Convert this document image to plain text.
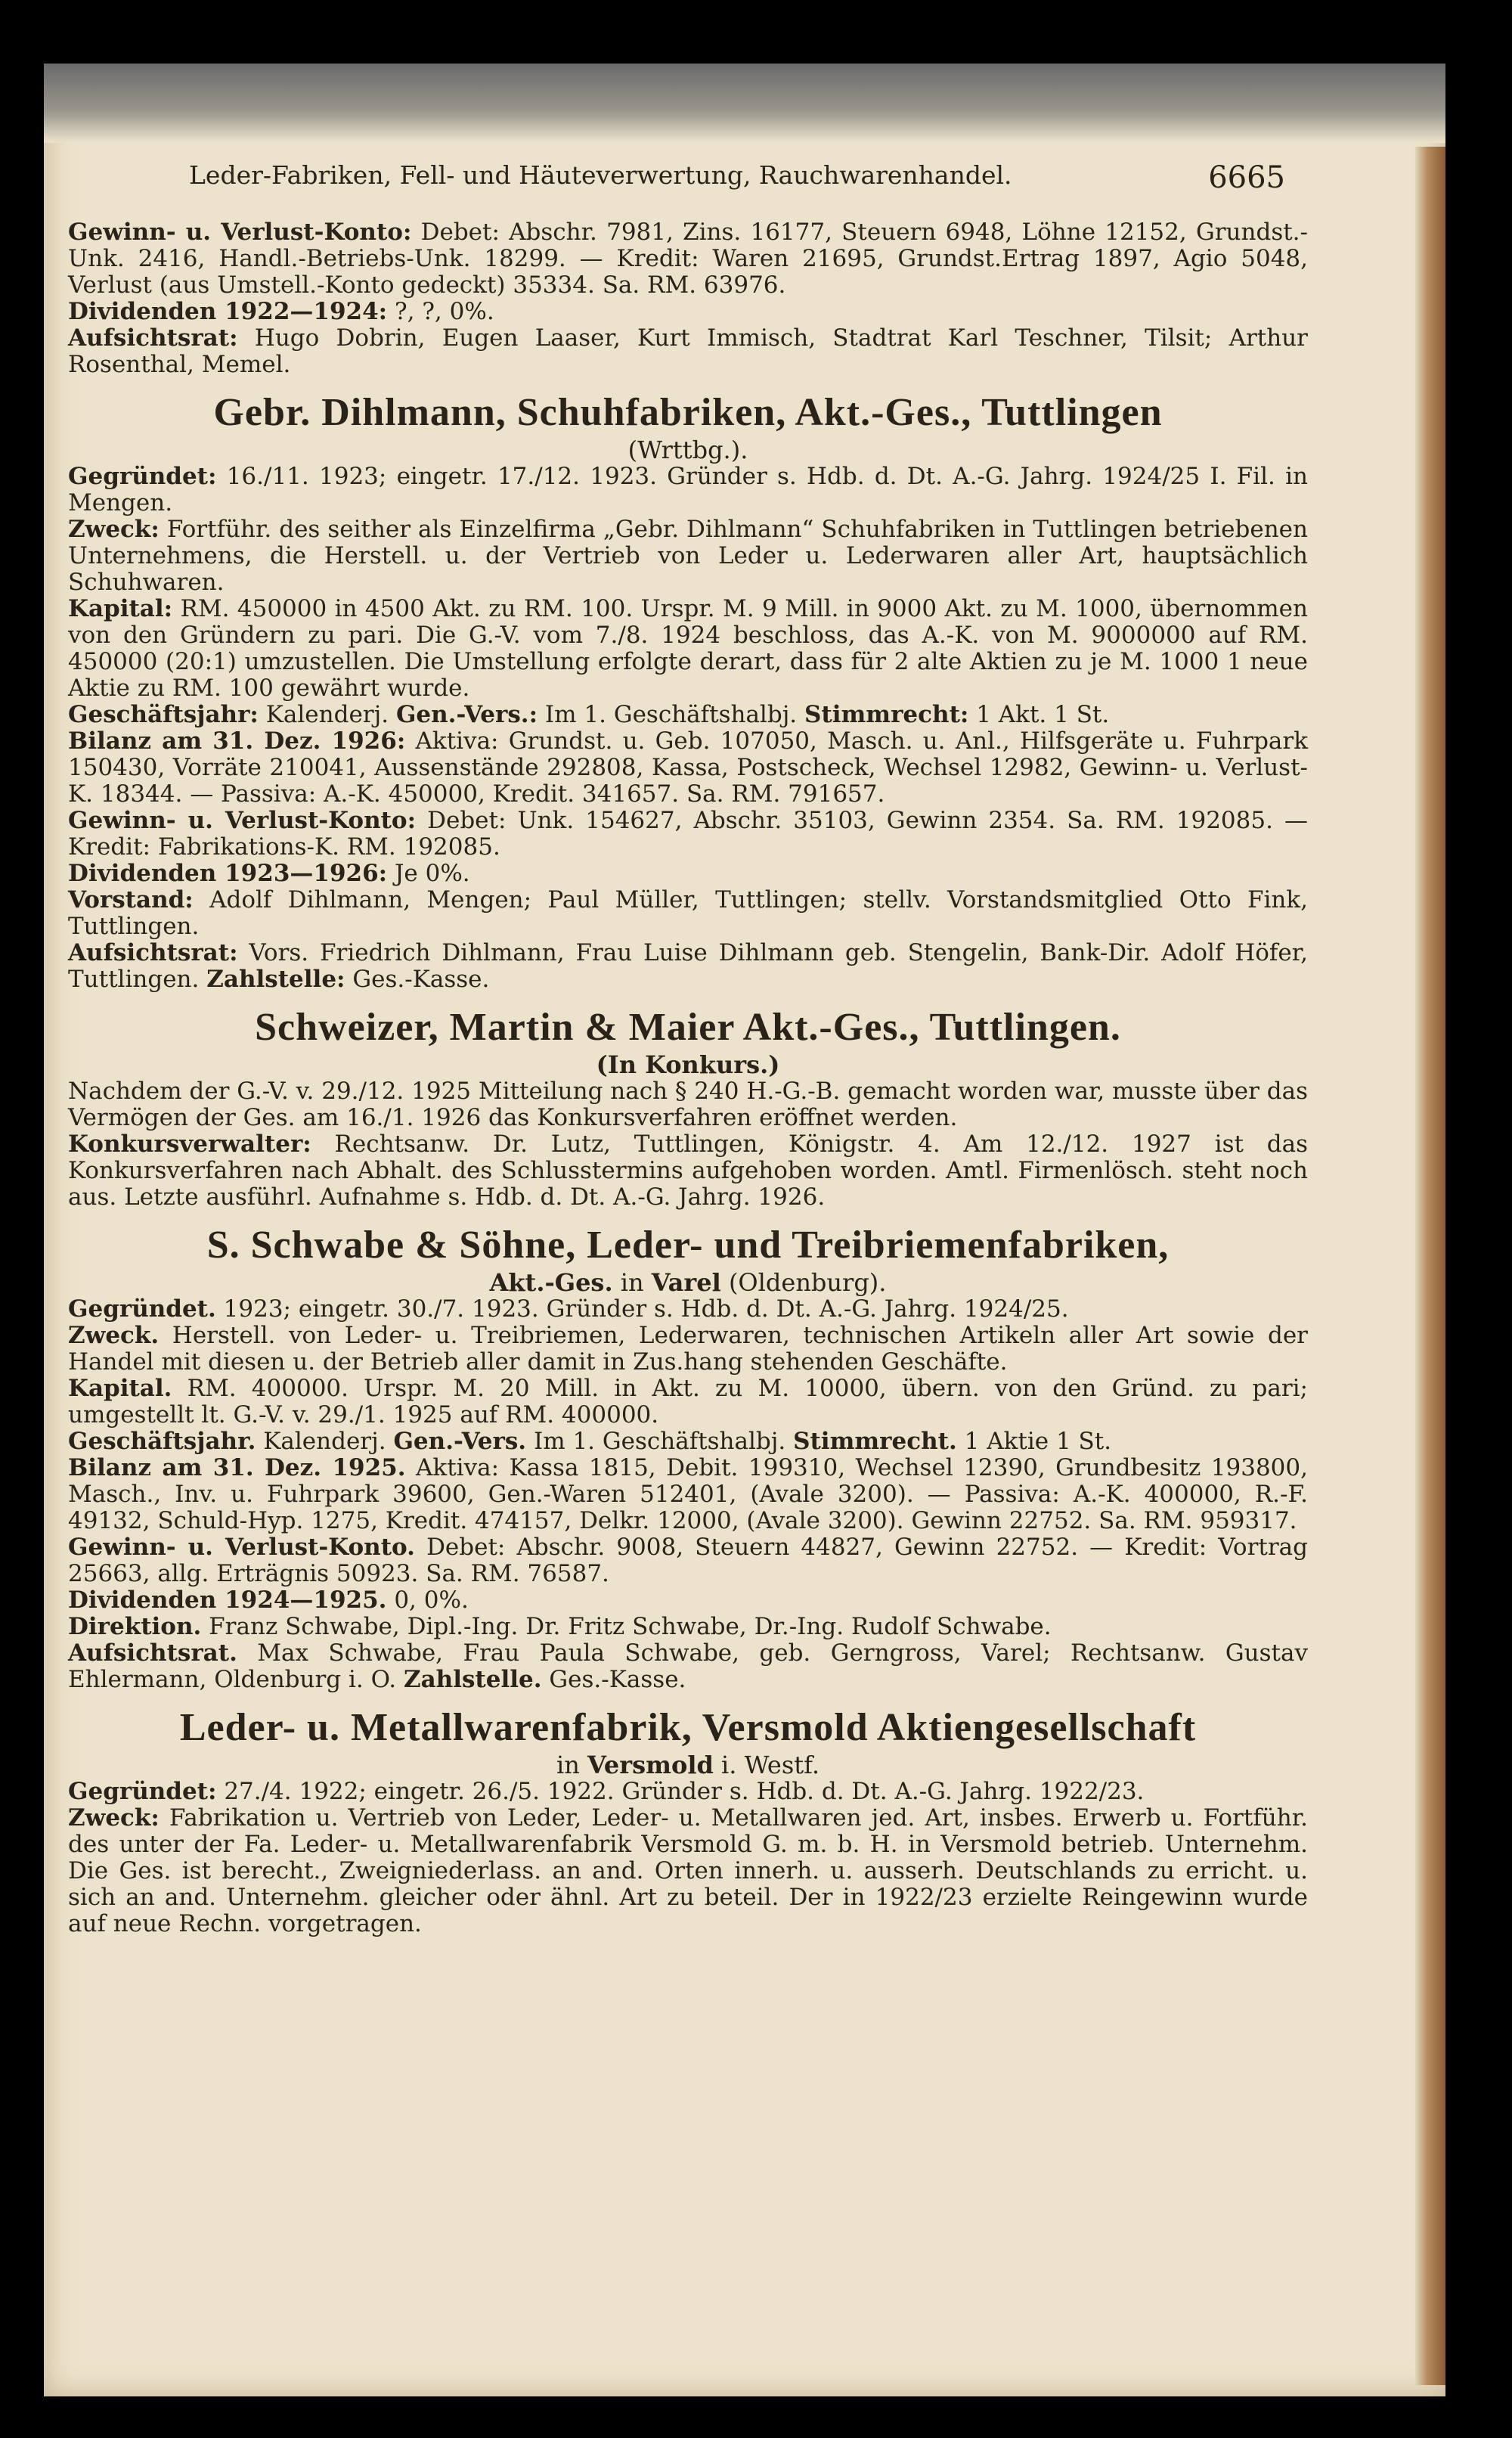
Leder-Fabriken, Fell- und Häuteverwertung, Rauchwarenhandel.	6665

Gewinn- u. Verlust-Konto: Debet: Abschr. 7981, Zins. 16177, Steuern 6948, Löhne 12152, Grundst.-Unk. 2416, Handl.-Betriebs-Unk. 18299. — Kredit: Waren 21695, Grundst.Ertrag 1897, Agio 5048, Verlust (aus Umstell.-Konto gedeckt) 35334. Sa. RM. 63976.

Dividenden 1922—1924: ?, ?, 0%.

Aufsichtsrat: Hugo Dobrin, Eugen Laaser, Kurt Immisch, Stadtrat Karl Teschner, Tilsit; Arthur Rosenthal, Memel.

Gebr. Dihlmann, Schuhfabriken, Akt.-Ges., Tuttlingen

(Wrttbg.).

Gegründet: 16./11. 1923; eingetr. 17./12. 1923. Gründer s. Hdb. d. Dt. A.-G. Jahrg. 1924/25 I. Fil. in Mengen.

Zweck: Fortführ. des seither als Einzelfirma „Gebr. Dihlmann“ Schuhfabriken in Tuttlingen betriebenen Unternehmens, die Herstell. u. der Vertrieb von Leder u. Lederwaren aller Art, hauptsächlich Schuhwaren.

Kapital: RM. 450000 in 4500 Akt. zu RM. 100. Urspr. M. 9 Mill. in 9000 Akt. zu M. 1000, übernommen von den Gründern zu pari. Die G.-V. vom 7./8. 1924 beschloss, das A.-K. von M. 9000000 auf RM. 450000 (20:1) umzustellen. Die Umstellung erfolgte derart, dass für 2 alte Aktien zu je M. 1000 1 neue Aktie zu RM. 100 gewährt wurde.

Geschäftsjahr: Kalenderj. Gen.-Vers.: Im 1. Geschäftshalbj. Stimmrecht: 1 Akt. 1 St.

Bilanz am 31. Dez. 1926: Aktiva: Grundst. u. Geb. 107050, Masch. u. Anl., Hilfsgeräte u. Fuhrpark 150430, Vorräte 210041, Aussenstände 292808, Kassa, Postscheck, Wechsel 12982, Gewinn- u. Verlust-K. 18344. — Passiva: A.-K. 450000, Kredit. 341657. Sa. RM. 791657.

Gewinn- u. Verlust-Konto: Debet: Unk. 154627, Abschr. 35103, Gewinn 2354. Sa. RM. 192085. — Kredit: Fabrikations-K. RM. 192085.

Dividenden 1923—1926: Je 0%.

Vorstand: Adolf Dihlmann, Mengen; Paul Müller, Tuttlingen; stellv. Vorstandsmitglied Otto Fink, Tuttlingen.

Aufsichtsrat: Vors. Friedrich Dihlmann, Frau Luise Dihlmann geb. Stengelin, Bank-Dir. Adolf Höfer, Tuttlingen. Zahlstelle: Ges.-Kasse.

Schweizer, Martin & Maier Akt.-Ges., Tuttlingen.

(In Konkurs.)

Nachdem der G.-V. v. 29./12. 1925 Mitteilung nach § 240 H.-G.-B. gemacht worden war, musste über das Vermögen der Ges. am 16./1. 1926 das Konkursverfahren eröffnet werden.

Konkursverwalter: Rechtsanw. Dr. Lutz, Tuttlingen, Königstr. 4. Am 12./12. 1927 ist das Konkursverfahren nach Abhalt. des Schlusstermins aufgehoben worden. Amtl. Firmenlösch. steht noch aus. Letzte ausführl. Aufnahme s. Hdb. d. Dt. A.-G. Jahrg. 1926.

S. Schwabe & Söhne, Leder- und Treibriemenfabriken,

Akt.-Ges. in Varel (Oldenburg).

Gegründet. 1923; eingetr. 30./7. 1923. Gründer s. Hdb. d. Dt. A.-G. Jahrg. 1924/25.

Zweck. Herstell. von Leder- u. Treibriemen, Lederwaren, technischen Artikeln aller Art sowie der Handel mit diesen u. der Betrieb aller damit in Zus.hang stehenden Geschäfte.

Kapital. RM. 400000. Urspr. M. 20 Mill. in Akt. zu M. 10000, übern. von den Gründ. zu pari; umgestellt lt. G.-V. v. 29./1. 1925 auf RM. 400000.

Geschäftsjahr. Kalenderj. Gen.-Vers. Im 1. Geschäftshalbj. Stimmrecht. 1 Aktie 1 St.

Bilanz am 31. Dez. 1925. Aktiva: Kassa 1815, Debit. 199310, Wechsel 12390, Grundbesitz 193800, Masch., Inv. u. Fuhrpark 39600, Gen.-Waren 512401, (Avale 3200). — Passiva: A.-K. 400000, R.-F. 49132, Schuld-Hyp. 1275, Kredit. 474157, Delkr. 12000, (Avale 3200). Gewinn 22752. Sa. RM. 959317.

Gewinn- u. Verlust-Konto. Debet: Abschr. 9008, Steuern 44827, Gewinn 22752. — Kredit: Vortrag 25663, allg. Erträgnis 50923. Sa. RM. 76587.

Dividenden 1924—1925. 0, 0%.

Direktion. Franz Schwabe, Dipl.-Ing. Dr. Fritz Schwabe, Dr.-Ing. Rudolf Schwabe.

Aufsichtsrat. Max Schwabe, Frau Paula Schwabe, geb. Gerngross, Varel; Rechtsanw. Gustav Ehlermann, Oldenburg i. O. Zahlstelle. Ges.-Kasse.

Leder- u. Metallwarenfabrik, Versmold Aktiengesellschaft

in Versmold i. Westf.

Gegründet: 27./4. 1922; eingetr. 26./5. 1922. Gründer s. Hdb. d. Dt. A.-G. Jahrg. 1922/23.

Zweck: Fabrikation u. Vertrieb von Leder, Leder- u. Metallwaren jed. Art, insbes. Erwerb u. Fortführ. des unter der Fa. Leder- u. Metallwarenfabrik Versmold G. m. b. H. in Versmold betrieb. Unternehm. Die Ges. ist berecht., Zweigniederlass. an and. Orten innerh. u. ausserh. Deutschlands zu erricht. u. sich an and. Unternehm. gleicher oder ähnl. Art zu beteil. Der in 1922/23 erzielte Reingewinn wurde auf neue Rechn. vorgetragen.
